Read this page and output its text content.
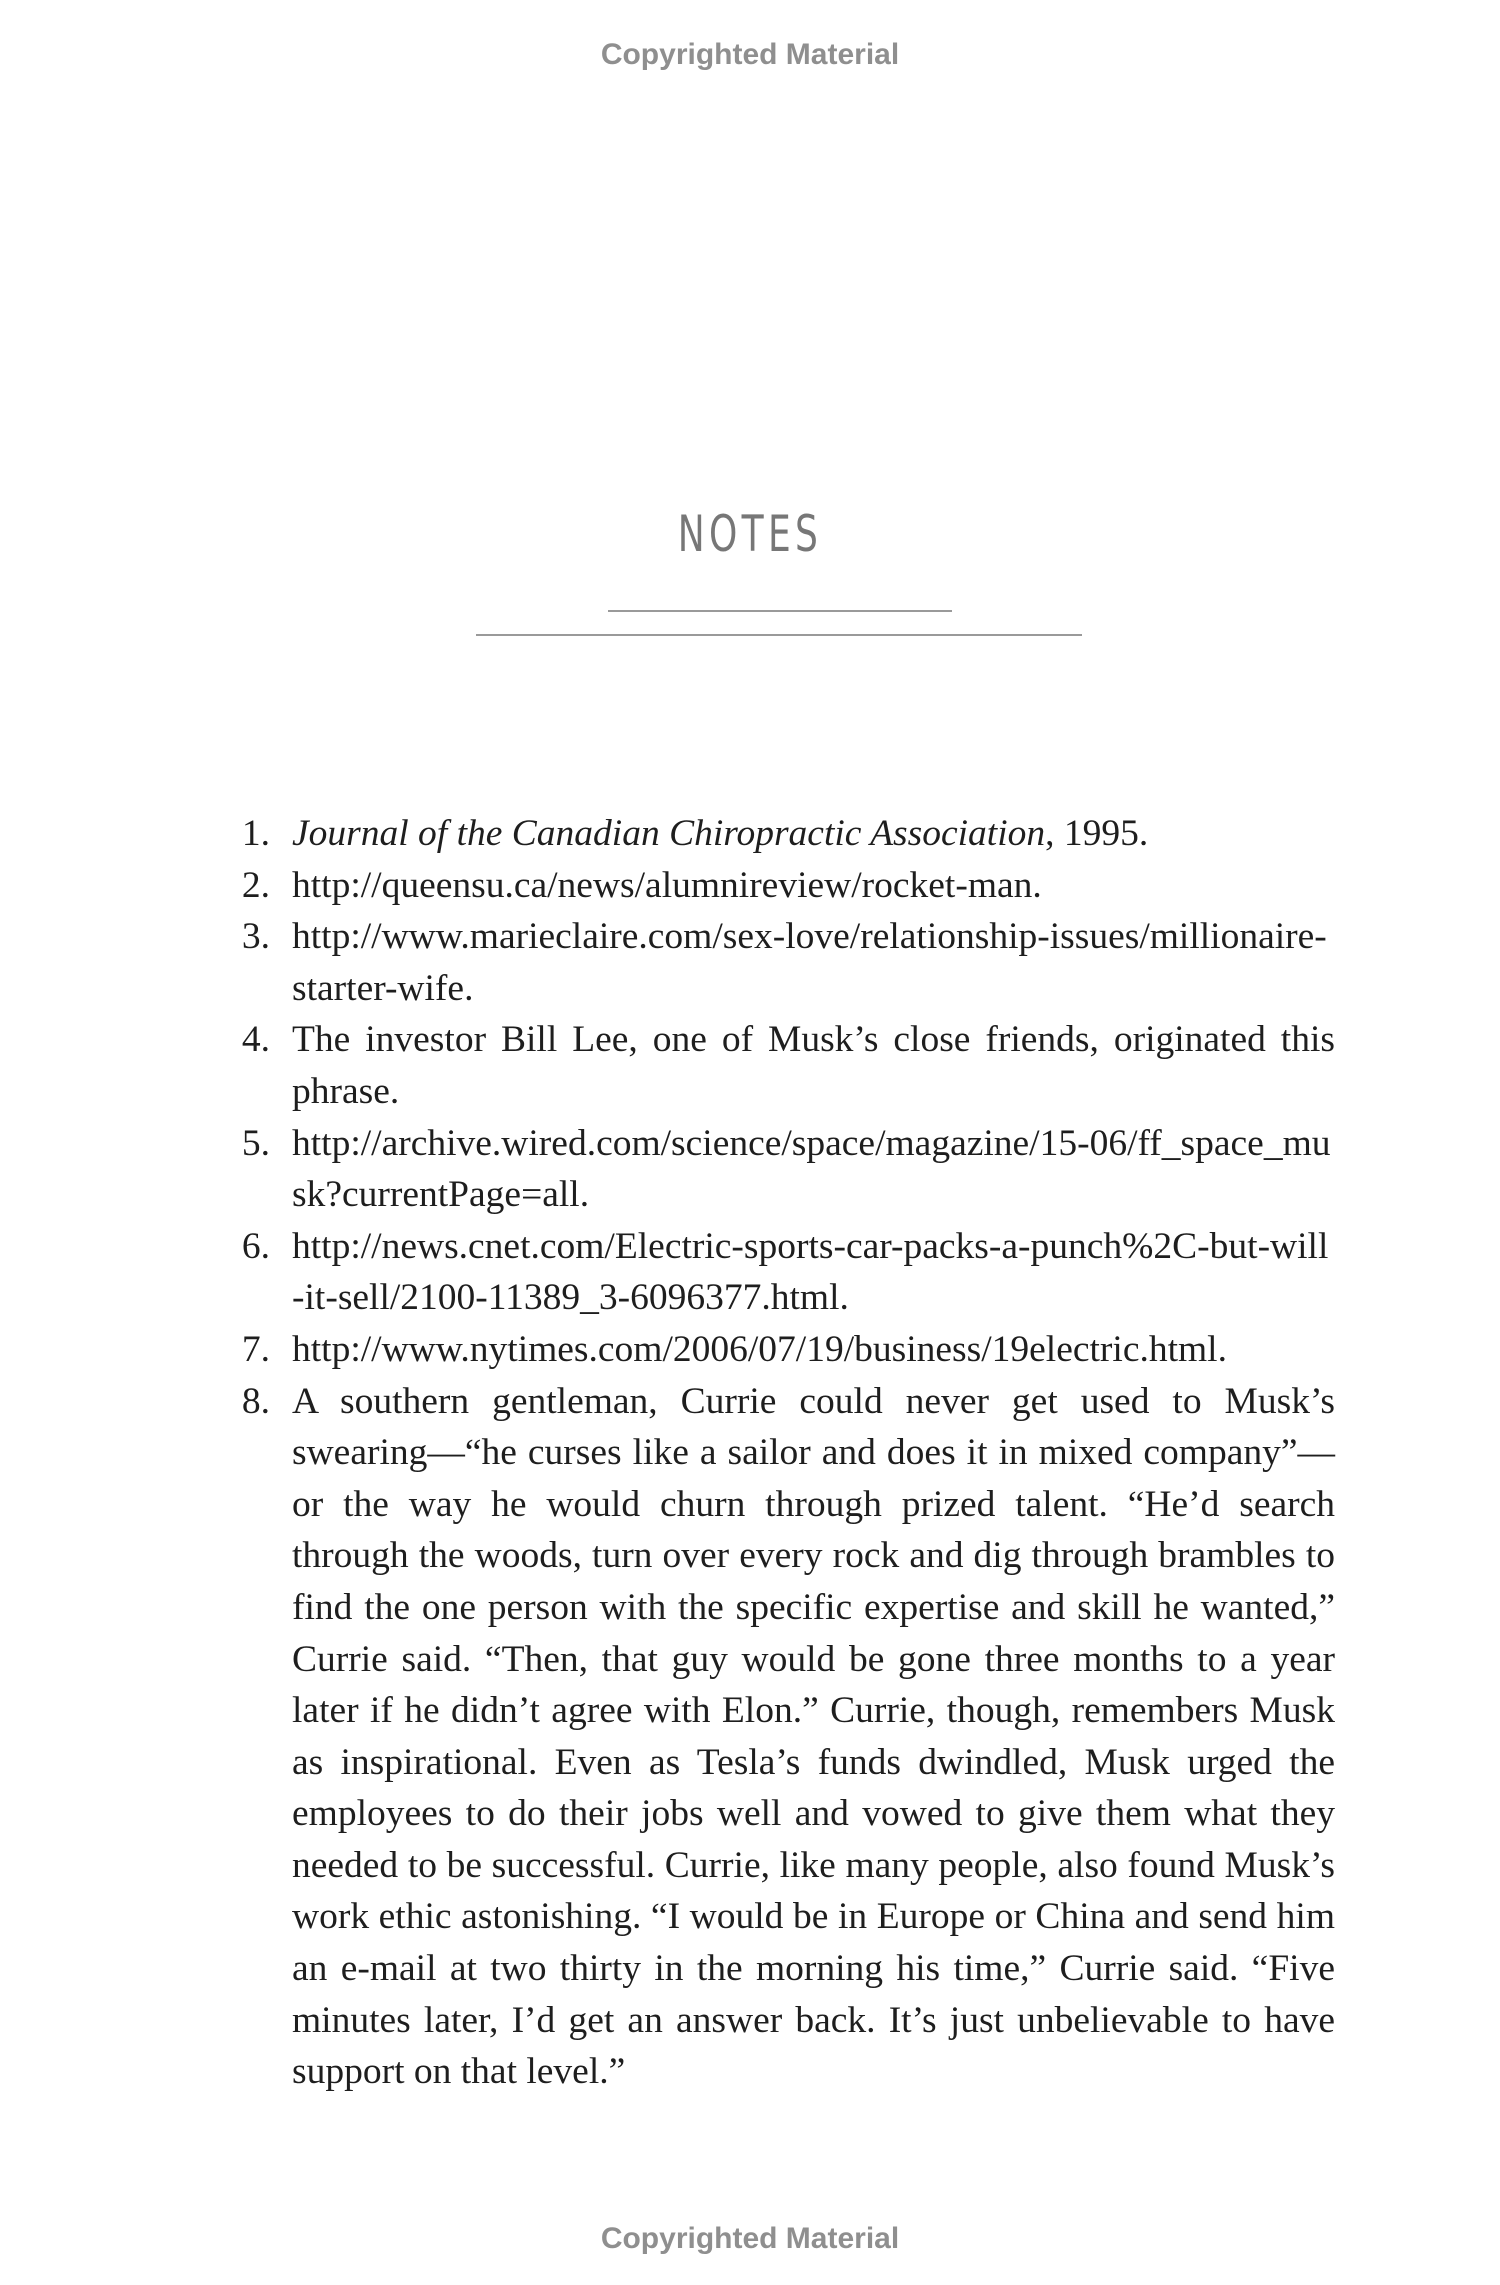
Copyrighted Material
NOTES
1. Journal of the Canadian Chiropractic Association, 1995.
2. http://queensu.ca/news/alumnireview/rocket-man.
3. http://www.marieclaire.com/sex-love/relationship-issues/millionaire-starter-wife.
4. The investor Bill Lee, one of Musk’s close friends, originated this phrase.
5. http://archive.wired.com/science/space/magazine/15-06/ff_space_musk?currentPage=all.
6. http://news.cnet.com/Electric-sports-car-packs-a-punch%2C-but-will-it-sell/2100-11389_3-6096377.html.
7. http://www.nytimes.com/2006/07/19/business/19electric.html.
8. A southern gentleman, Currie could never get used to Musk’s swearing—“he curses like a sailor and does it in mixed company”—or the way he would churn through prized talent. “He’d search through the woods, turn over every rock and dig through brambles to find the one person with the specific expertise and skill he wanted,” Currie said. “Then, that guy would be gone three months to a year later if he didn’t agree with Elon.” Currie, though, remembers Musk as inspirational. Even as Tesla’s funds dwindled, Musk urged the employees to do their jobs well and vowed to give them what they needed to be successful. Currie, like many people, also found Musk’s work ethic astonishing. “I would be in Europe or China and send him an e-mail at two thirty in the morning his time,” Currie said. “Five minutes later, I’d get an answer back. It’s just unbelievable to have support on that level.”
Copyrighted Material
